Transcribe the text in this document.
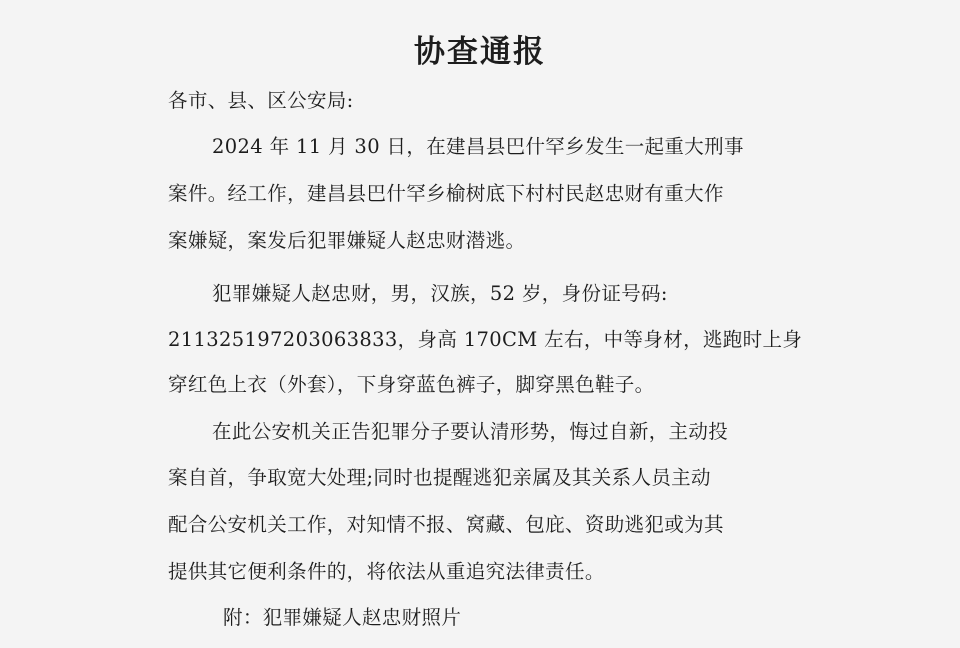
协查通报
各市、县、区公安局:
2024 年 11 月 30 日，在建昌县巴什罕乡发生一起重大刑事
案件。经工作，建昌县巴什罕乡榆树底下村村民赵忠财有重大作
案嫌疑，案发后犯罪嫌疑人赵忠财潜逃。
犯罪嫌疑人赵忠财，男，汉族，52 岁，身份证号码:
211325197203063833，身高 170CM 左右，中等身材，逃跑时上身
穿红色上衣（外套），下身穿蓝色裤子，脚穿黑色鞋子。
在此公安机关正告犯罪分子要认清形势，悔过自新，主动投
案自首，争取宽大处理;同时也提醒逃犯亲属及其关系人员主动
配合公安机关工作，对知情不报、窝藏、包庇、资助逃犯或为其
提供其它便利条件的，将依法从重追究法律责任。
附：犯罪嫌疑人赵忠财照片
